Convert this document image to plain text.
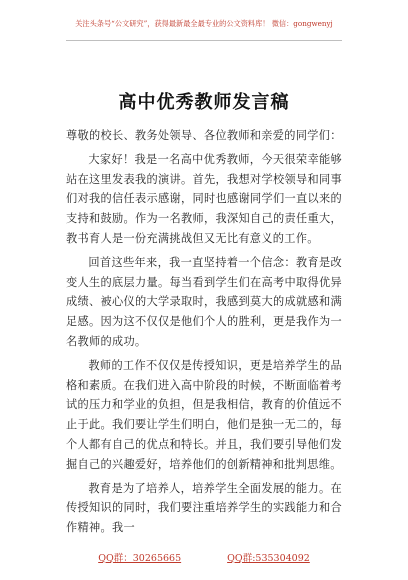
关注头条号“公文研究”，获得最新最全最专业的公文资料库！ 微信：gongwenyj
高中优秀教师发言稿

尊敬的校长、教务处领导、各位教师和亲爱的同学们：

大家好！我是一名高中优秀教师，今天很荣幸能够站在这里发表我的演讲。首先，我想对学校领导和同事们对我的信任表示感谢，同时也感谢同学们一直以来的支持和鼓励。作为一名教师，我深知自己的责任重大，教书育人是一份充满挑战但又无比有意义的工作。

回首这些年来，我一直坚持着一个信念：教育是改变人生的底层力量。每当看到学生们在高考中取得优异成绩、被心仪的大学录取时，我感到莫大的成就感和满足感。因为这不仅仅是他们个人的胜利，更是我作为一名教师的成功。

教师的工作不仅仅是传授知识，更是培养学生的品格和素质。在我们进入高中阶段的时候，不断面临着考试的压力和学业的负担，但是我相信，教育的价值远不止于此。我们要让学生们明白，他们是独一无二的，每个人都有自己的优点和特长。并且，我们要引导他们发掘自己的兴趣爱好，培养他们的创新精神和批判思维。

教育是为了培养人，培养学生全面发展的能力。在传授知识的同时，我们要注重培养学生的实践能力和合作精神。我一

QQ群：30265665	QQ群:535304092
